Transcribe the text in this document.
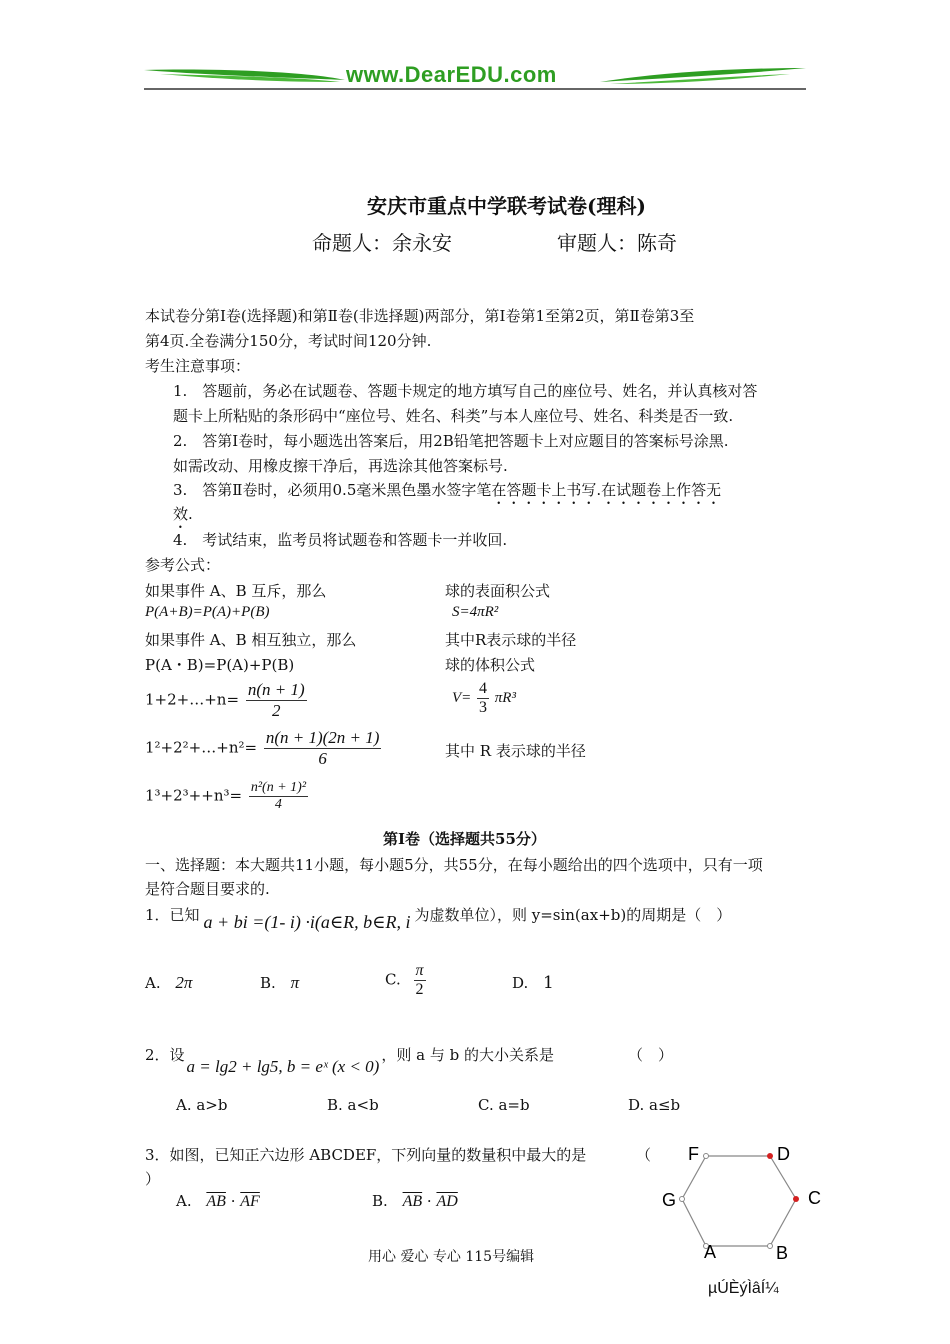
www.DearEDU.com
安庆市重点中学联考试卷(理科)
命题人：余永安	审题人：陈奇
本试卷分第Ⅰ卷(选择题)和第Ⅱ卷(非选择题)两部分，第Ⅰ卷第1至第2页，第Ⅱ卷第3至
第4页.全卷满分150分，考试时间120分钟.
考生注意事项：
1.　答题前，务必在试题卷、答题卡规定的地方填写自己的座位号、姓名，并认真核对答
题卡上所粘贴的条形码中“座位号、姓名、科类”与本人座位号、姓名、科类是否一致.
2.　答第Ⅰ卷时，每小题选出答案后，用2B铅笔把答题卡上对应题目的答案标号涂黑.
如需改动、用橡皮擦干净后，再选涂其他答案标号.
3.　答第Ⅱ卷时，必须用0.5毫米黑色墨水签字笔在答题卡上书写.在试题卷上作答无
效.
4.　考试结束，监考员将试题卷和答题卡一并收回.
参考公式：
如果事件 A、B 互斥，那么
P(A+B)=P(A)+P(B)
如果事件 A、B 相互独立，那么
P(A・B)=P(A)+P(B)
1+2+…+n= $\frac{n(n + 1)}{2}$
1²+2²+…+n²= $\frac{n(n + 1)(2n + 1)}{6}$
$1^3+2^3++n^3= \frac{\text{n²(n + 1)²}}{4}$
球的表面积公式
S=4πR²
其中R表示球的半径
球的体积公式
$V= \frac{4}{3} \pi R^3$
其中 R 表示球的半径
第Ⅰ卷（选择题共55分）
一、选择题：本大题共11小题，每小题5分，共55分，在每小题给出的四个选项中，只有一项
是符合题目要求的.
1．已知 a + bi =(1- i) ·i(a∈R, b∈R, i 为虚数单位），则 y=sin(ax+b)的周期是（　）
A. 2π	B. π	C. $\frac{\pi}{2}$	D. 1
2．设a = lg2 + lg5, b = eˣ (x < 0)，则 a 与 b 的大小关系是	（　）
A. a>b	B. a<b	C. a=b	D. a≤b
3．如图，已知正六边形 ABCDEF，下列向量的数量积中最大的是	（
）
A. $\overline{AB} \cdot \overline{AF}$	B. $\overline{AB} \cdot \overline{AD}$
F	D
G	C
A	B
µÚÈýÌâÍ¼
用心 爱心 专心 115号编辑
